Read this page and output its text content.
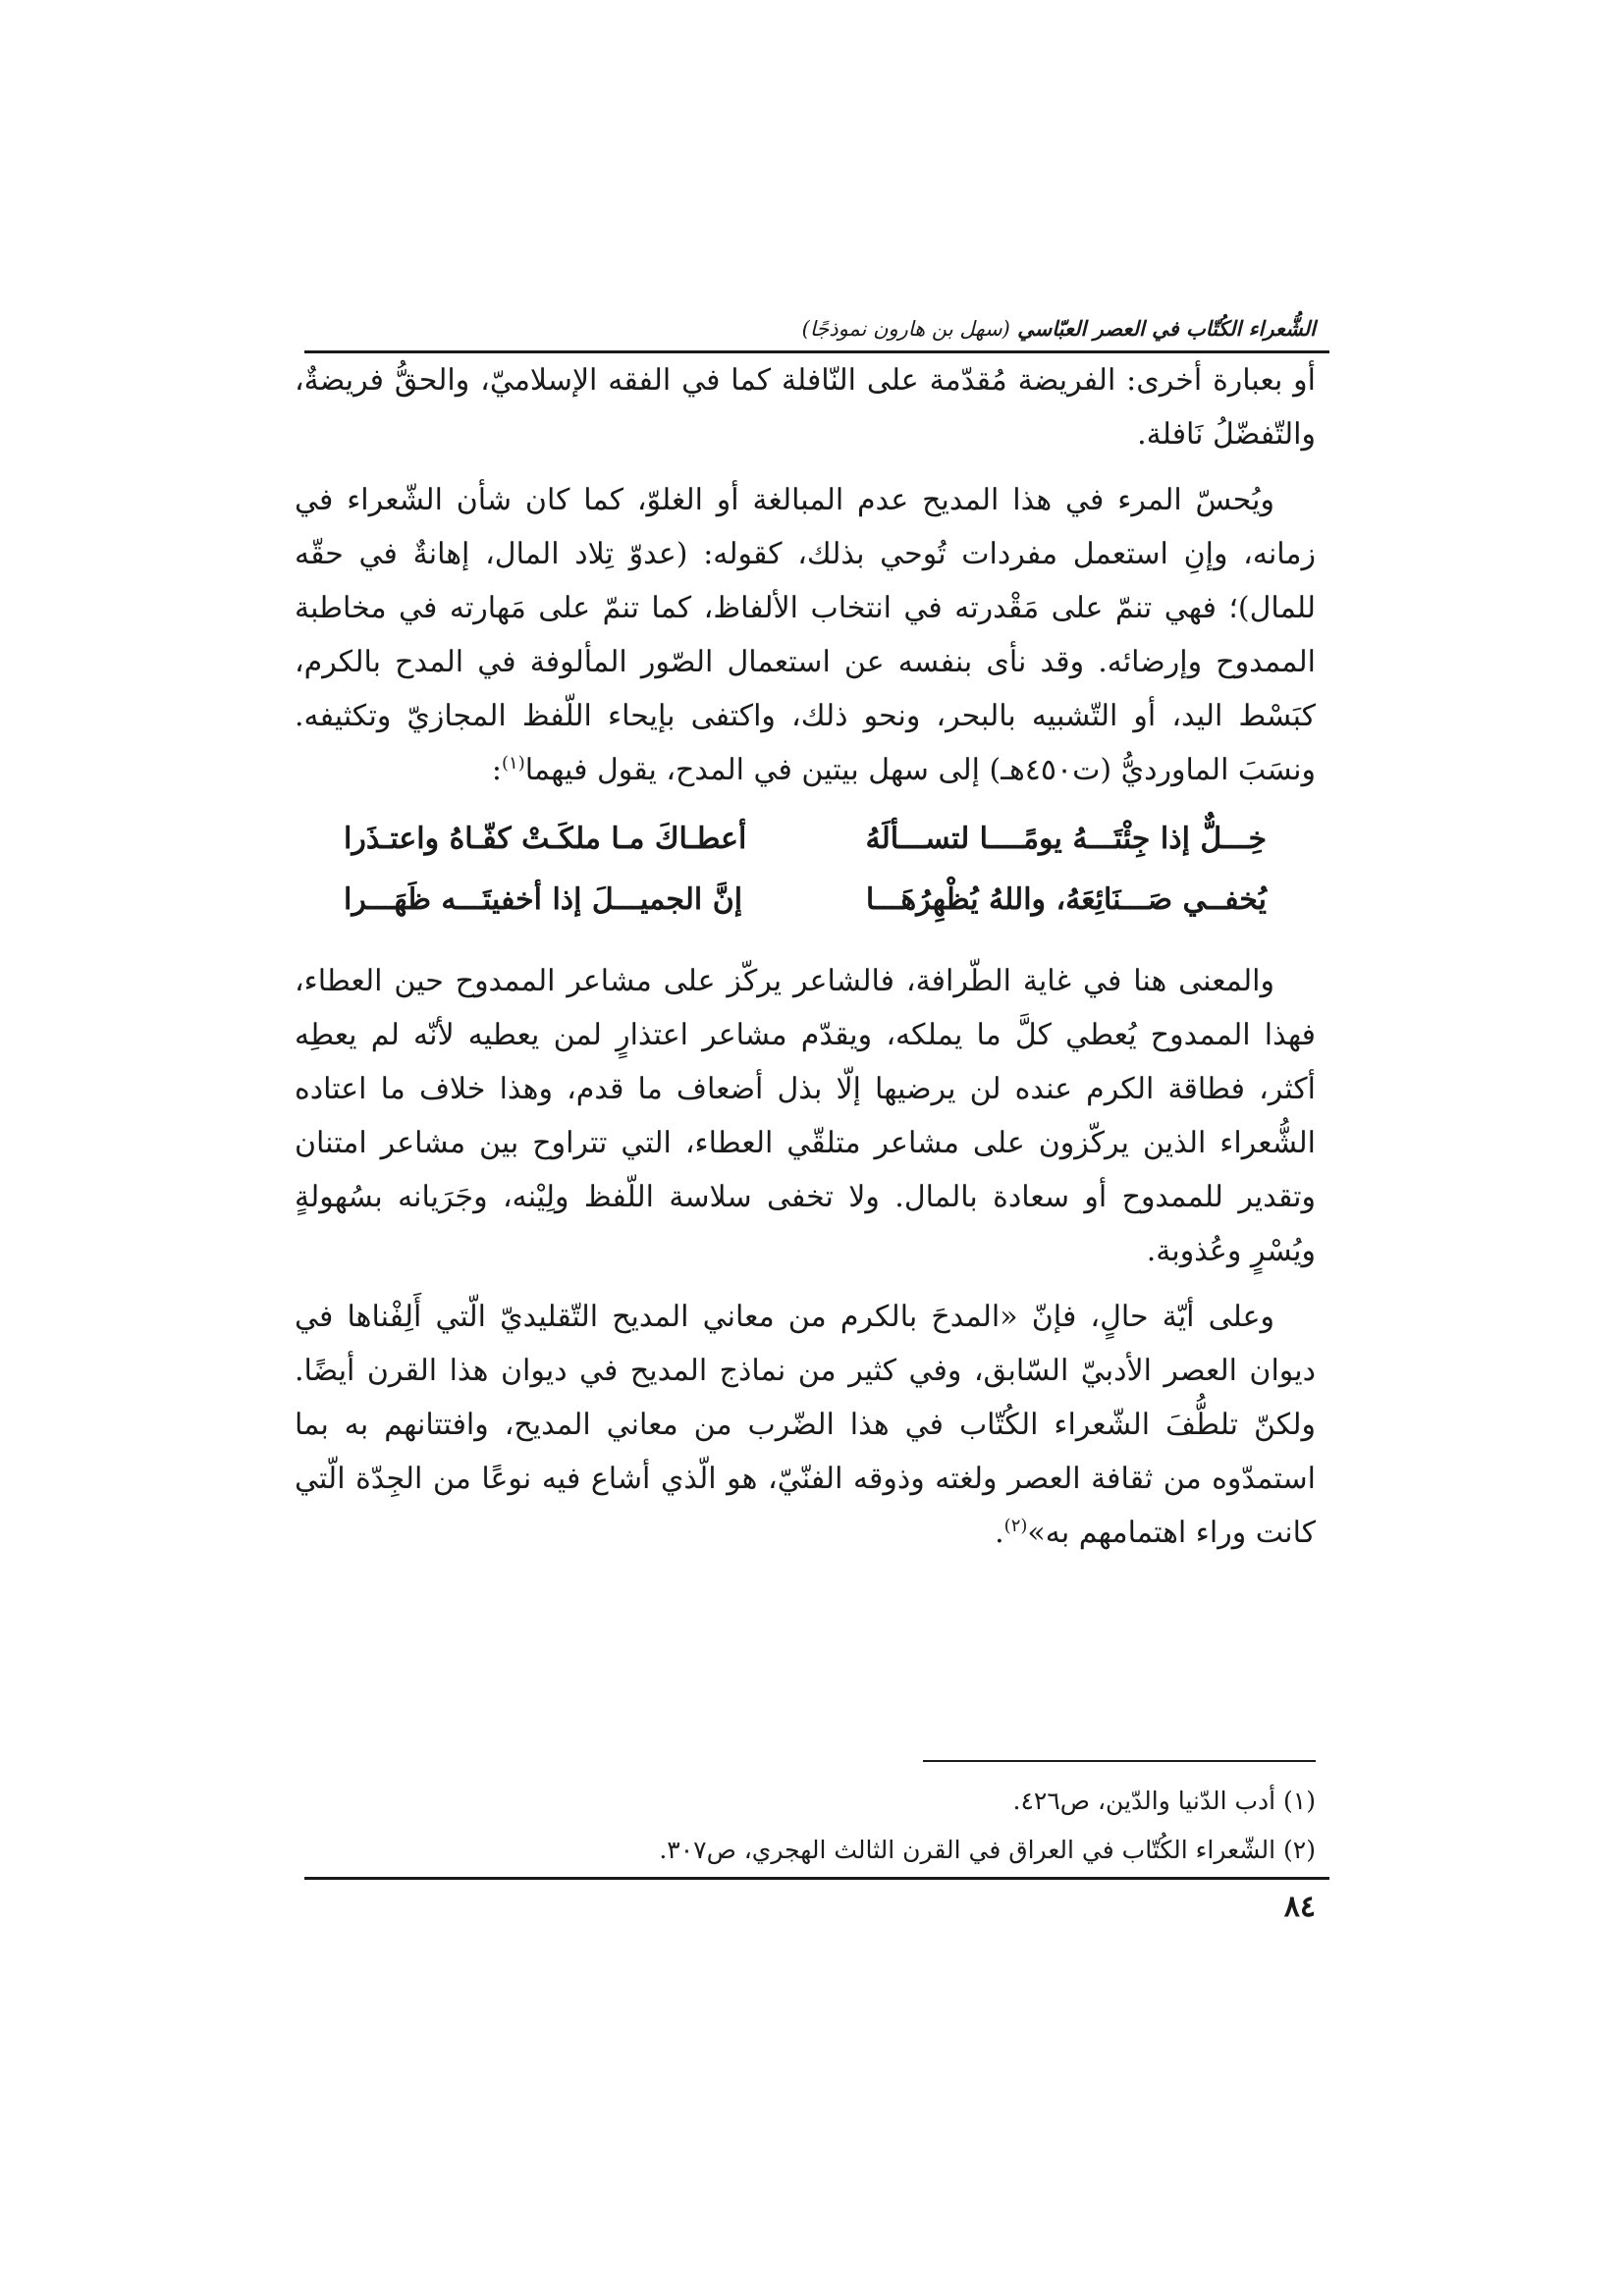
الشُّعراء الكُتّاب في العصر العبّاسي (سهل بن هارون نموذجًا)

أو بعبارة أخرى: الفريضة مُقدّمة على النّافلة كما في الفقه الإسلاميّ، والحقُّ فريضةٌ، والتّفضّلُ نَافلة.

ويُحسّ المرء في هذا المديح عدم المبالغة أو الغلوّ، كما كان شأن الشّعراء في زمانه، وإنِ استعمل مفردات تُوحي بذلك، كقوله: (عدوّ تِلاد المال، إهانةٌ في حقّه للمال)؛ فهي تنمّ على مَقْدرته في انتخاب الألفاظ، كما تنمّ على مَهارته في مخاطبة الممدوح وإرضائه. وقد نأى بنفسه عن استعمال الصّور المألوفة في المدح بالكرم، كبَسْط اليد، أو التّشبيه بالبحر، ونحو ذلك، واكتفى بإيحاء اللّفظ المجازيّ وتكثيفه. ونسَبَ الماورديُّ (ت٤٥٠هـ) إلى سهل بيتين في المدح، يقول فيهما$^{(١)}$:

خِـــلٌّ إذا جِئْتَـــهُ يومًــــا لتســـألَهُ
أعطـاكَ مـا ملكَـتْ كفّـاهُ واعتـذَرا
يُخفــي صَـــنَائِعَهُ، واللهُ يُظْهِرُهَـــا
إنَّ الجميـــلَ إذا أخفيتَـــه ظَهَـــرا

والمعنى هنا في غاية الطّرافة، فالشاعر يركّز على مشاعر الممدوح حين العطاء، فهذا الممدوح يُعطي كلَّ ما يملكه، ويقدّم مشاعر اعتذارٍ لمن يعطيه لأنّه لم يعطِه أكثر، فطاقة الكرم عنده لن يرضيها إلّا بذل أضعاف ما قدم، وهذا خلاف ما اعتاده الشُّعراء الذين يركّزون على مشاعر متلقّي العطاء، التي تتراوح بين مشاعر امتنان وتقدير للممدوح أو سعادة بالمال. ولا تخفى سلاسة اللّفظ ولِيْنه، وجَرَيانه بسُهولةٍ ويُسْرٍ وعُذوبة.

وعلى أيّة حالٍ، فإنّ «المدحَ بالكرم من معاني المديح التّقليديّ الّتي أَلِفْناها في ديوان العصر الأدبيّ السّابق، وفي كثير من نماذج المديح في ديوان هذا القرن أيضًا. ولكنّ تلطُّفَ الشّعراء الكُتّاب في هذا الضّرب من معاني المديح، وافتتانهم به بما استمدّوه من ثقافة العصر ولغته وذوقه الفنّيّ، هو الّذي أشاع فيه نوعًا من الجِدّة الّتي كانت وراء اهتمامهم به»$^{(٢)}$.

(١) أدب الدّنيا والدّين، ص٤٢٦.
(٢) الشّعراء الكُتّاب في العراق في القرن الثالث الهجري، ص٣٠٧.
٨٤
